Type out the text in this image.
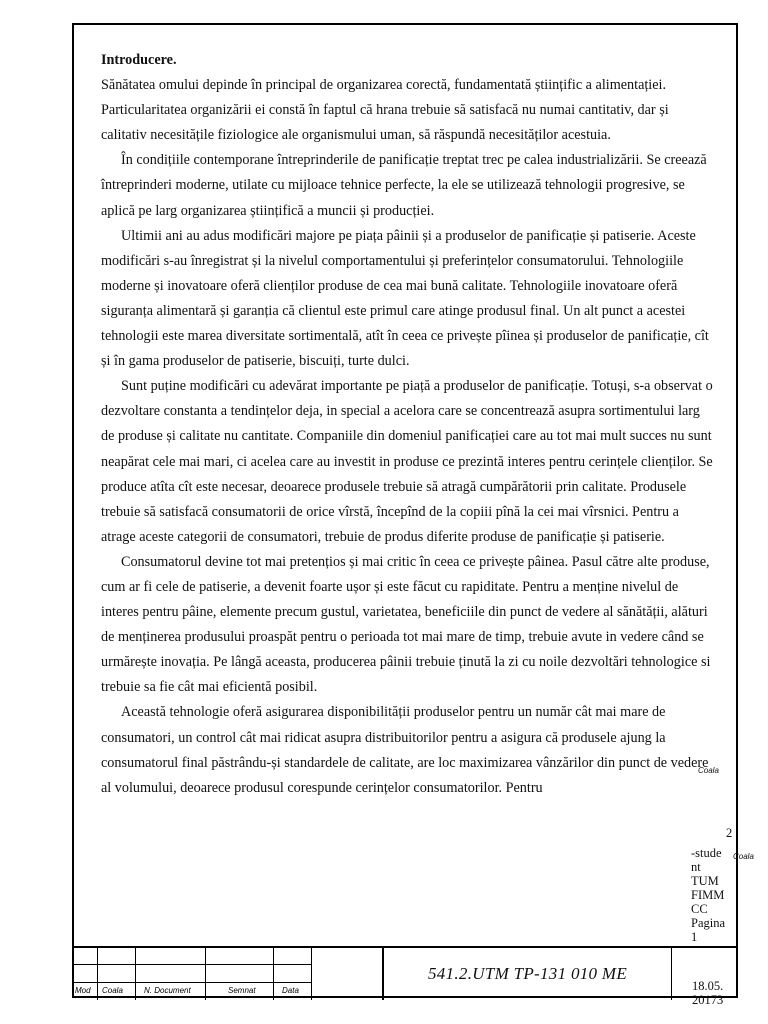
Introducere.

Sănătatea omului depinde în principal de organizarea corectă, fundamentată științific a alimentației. Particularitatea organizării ei constă în faptul că hrana trebuie să satisfacă nu numai cantitativ, dar și calitativ necesitățile fiziologice ale organismului uman, să răspundă necesităților acestuia.

În condițiile contemporane întreprinderile de panificație treptat trec pe calea industrializării. Se creează întreprinderi moderne, utilate cu mijloace tehnice perfecte, la ele se utilizează tehnologii progresive, se aplică pe larg organizarea științifică a muncii și producției.

Ultimii ani au adus modificări majore pe piața pâinii și a produselor de panificație și patiserie. Aceste modificări s-au înregistrat și la nivelul comportamentului și preferințelor consumatorului. Tehnologiile moderne și inovatoare oferă clienților produse de cea mai bună calitate. Tehnologiile inovatoare oferă siguranța alimentară și garanția că clientul este primul care atinge produsul final. Un alt punct a acestei tehnologii este marea diversitate sortimentală, atît în ceea ce privește pîinea și produselor de panificație, cît și în gama produselor de patiserie, biscuiți, turte dulci.

Sunt puține modificări cu adevărat importante pe piață a produselor de panificație. Totuși, s-a observat o dezvoltare constanta a tendințelor deja, in special a acelora care se concentrează asupra sortimentului larg de produse și calitate nu cantitate. Companiile din domeniul panificației care au tot mai mult succes nu sunt neapărat cele mai mari, ci acelea care au investit in produse ce prezintă interes pentru cerințele clienților. Se produce atîta cît este necesar, deoarece produsele trebuie să atragă cumpărătorii prin calitate. Produsele trebuie să satisfacă consumatorii de orice vîrstă, începînd de la copiii pînă la cei mai vîrsnici. Pentru a atrage aceste categorii de consumatori, trebuie de produs diferite produse de panificație și patiserie.

Consumatorul devine tot mai pretențios și mai critic în ceea ce privește pâinea. Pasul către alte produse, cum ar fi cele de patiserie, a devenit foarte ușor și este făcut cu rapiditate. Pentru a menține nivelul de interes pentru pâine, elemente precum gustul, varietatea, beneficiile din punct de vedere al sănătății, alături de menținerea produsului proaspăt pentru o perioada tot mai mare de timp, trebuie avute in vedere când se urmărește inovația. Pe lângă aceasta, producerea pâinii trebuie ținută la zi cu noile dezvoltări tehnologice si trebuie sa fie cât mai eficientă posibil.

Această tehnologie oferă asigurarea disponibilității produselor pentru un număr cât mai mare de consumatori, un control cât mai ridicat asupra distribuitorilor pentru a asigura că produsele ajung la consumatorul final păstrându-și standardele de calitate, are loc maximizarea vânzărilor din punct de vedere al volumului, deoarece produsul corespunde cerințelor consumatorilor. Pentru

Coala
2
Coala
-stude
nt
TUM
FIMM
CC
Pagina
1
Mod Coala	N. Document	Semnat	Data
541.2.UTM TP-131 010 ME
18.05.
20173
